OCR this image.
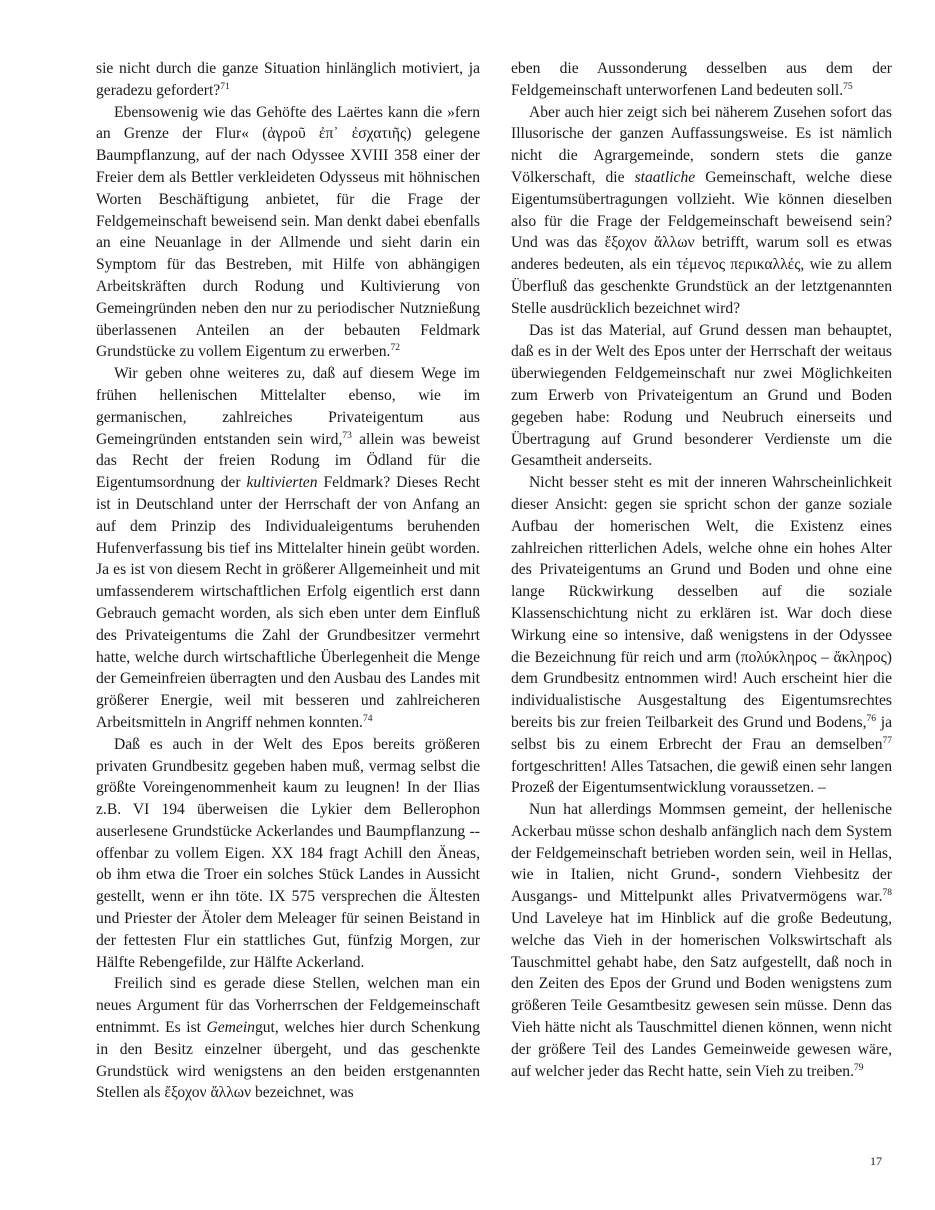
sie nicht durch die ganze Situation hinlänglich motiviert, ja geradezu gefordert?$^{71}$

Ebensowenig wie das Gehöfte des Laërtes kann die »fern an Grenze der Flur« (ἀγροῦ ἐπ᾽ ἐσχατιῆς) gelegene Baumpflanzung, auf der nach Odyssee XVIII 358 einer der Freier dem als Bettler verkleideten Odysseus mit höhnischen Worten Beschäftigung anbietet, für die Frage der Feldgemeinschaft beweisend sein. Man denkt dabei ebenfalls an eine Neuanlage in der Allmende und sieht darin ein Symptom für das Bestreben, mit Hilfe von abhängigen Arbeitskräften durch Rodung und Kultivierung von Gemeingründen neben den nur zu periodischer Nutznießung überlassenen Anteilen an der bebauten Feldmark Grundstücke zu vollem Eigentum zu erwerben.$^{72}$

Wir geben ohne weiteres zu, daß auf diesem Wege im frühen hellenischen Mittelalter ebenso, wie im germanischen, zahlreiches Privateigentum aus Gemeingründen entstanden sein wird,$^{73}$ allein was beweist das Recht der freien Rodung im Ödland für die Eigentumsordnung der kultivierten Feldmark? Dieses Recht ist in Deutschland unter der Herrschaft der von Anfang an auf dem Prinzip des Individualeigentums beruhenden Hufenverfassung bis tief ins Mittelalter hinein geübt worden. Ja es ist von diesem Recht in größerer Allgemeinheit und mit umfassenderem wirtschaftlichen Erfolg eigentlich erst dann Gebrauch gemacht worden, als sich eben unter dem Einfluß des Privateigentums die Zahl der Grundbesitzer vermehrt hatte, welche durch wirtschaftliche Überlegenheit die Menge der Gemeinfreien überragten und den Ausbau des Landes mit größerer Energie, weil mit besseren und zahlreicheren Arbeitsmitteln in Angriff nehmen konnten.$^{74}$

Daß es auch in der Welt des Epos bereits größeren privaten Grundbesitz gegeben haben muß, vermag selbst die größte Voreingenommenheit kaum zu leugnen! In der Ilias z.B. VI 194 überweisen die Lykier dem Bellerophon auserlesene Grundstücke Ackerlandes und Baumpflanzung -- offenbar zu vollem Eigen. XX 184 fragt Achill den Äneas, ob ihm etwa die Troer ein solches Stück Landes in Aussicht gestellt, wenn er ihn töte. IX 575 versprechen die Ältesten und Priester der Ätoler dem Meleager für seinen Beistand in der fettesten Flur ein stattliches Gut, fünfzig Morgen, zur Hälfte Rebengefilde, zur Hälfte Ackerland.

Freilich sind es gerade diese Stellen, welchen man ein neues Argument für das Vorherrschen der Feldgemeinschaft entnimmt. Es ist Gemeingut, welches hier durch Schenkung in den Besitz einzelner übergeht, und das geschenkte Grundstück wird wenigstens an den beiden erstgenannten Stellen als ἔξοχον ἄλλων bezeichnet, was

eben die Aussonderung desselben aus dem der Feldgemeinschaft unterworfenen Land bedeuten soll.$^{75}$

Aber auch hier zeigt sich bei näherem Zusehen sofort das Illusorische der ganzen Auffassungsweise. Es ist nämlich nicht die Agrargemeinde, sondern stets die ganze Völkerschaft, die staatliche Gemeinschaft, welche diese Eigentumsübertragungen vollzieht. Wie können dieselben also für die Frage der Feldgemeinschaft beweisend sein? Und was das ἔξοχον ἄλλων betrifft, warum soll es etwas anderes bedeuten, als ein τέμενος περικαλλές, wie zu allem Überfluß das geschenkte Grundstück an der letztgenannten Stelle ausdrücklich bezeichnet wird?

Das ist das Material, auf Grund dessen man behauptet, daß es in der Welt des Epos unter der Herrschaft der weitaus überwiegenden Feldgemeinschaft nur zwei Möglichkeiten zum Erwerb von Privateigentum an Grund und Boden gegeben habe: Rodung und Neubruch einerseits und Übertragung auf Grund besonderer Verdienste um die Gesamtheit anderseits.

Nicht besser steht es mit der inneren Wahrscheinlichkeit dieser Ansicht: gegen sie spricht schon der ganze soziale Aufbau der homerischen Welt, die Existenz eines zahlreichen ritterlichen Adels, welche ohne ein hohes Alter des Privateigentums an Grund und Boden und ohne eine lange Rückwirkung desselben auf die soziale Klassenschichtung nicht zu erklären ist. War doch diese Wirkung eine so intensive, daß wenigstens in der Odyssee die Bezeichnung für reich und arm (πολύκληρος – ἄκληρος) dem Grundbesitz entnommen wird! Auch erscheint hier die individualistische Ausgestaltung des Eigentumsrechtes bereits bis zur freien Teilbarkeit des Grund und Bodens,$^{76}$ ja selbst bis zu einem Erbrecht der Frau an demselben$^{77}$ fortgeschritten! Alles Tatsachen, die gewiß einen sehr langen Prozeß der Eigentumsentwicklung voraussetzen. –

Nun hat allerdings Mommsen gemeint, der hellenische Ackerbau müsse schon deshalb anfänglich nach dem System der Feldgemeinschaft betrieben worden sein, weil in Hellas, wie in Italien, nicht Grund-, sondern Viehbesitz der Ausgangs- und Mittelpunkt alles Privatvermögens war.$^{78}$ Und Laveleye hat im Hinblick auf die große Bedeutung, welche das Vieh in der homerischen Volkswirtschaft als Tauschmittel gehabt habe, den Satz aufgestellt, daß noch in den Zeiten des Epos der Grund und Boden wenigstens zum größeren Teile Gesamtbesitz gewesen sein müsse. Denn das Vieh hätte nicht als Tauschmittel dienen können, wenn nicht der größere Teil des Landes Gemeinweide gewesen wäre, auf welcher jeder das Recht hatte, sein Vieh zu treiben.$^{79}$

17
